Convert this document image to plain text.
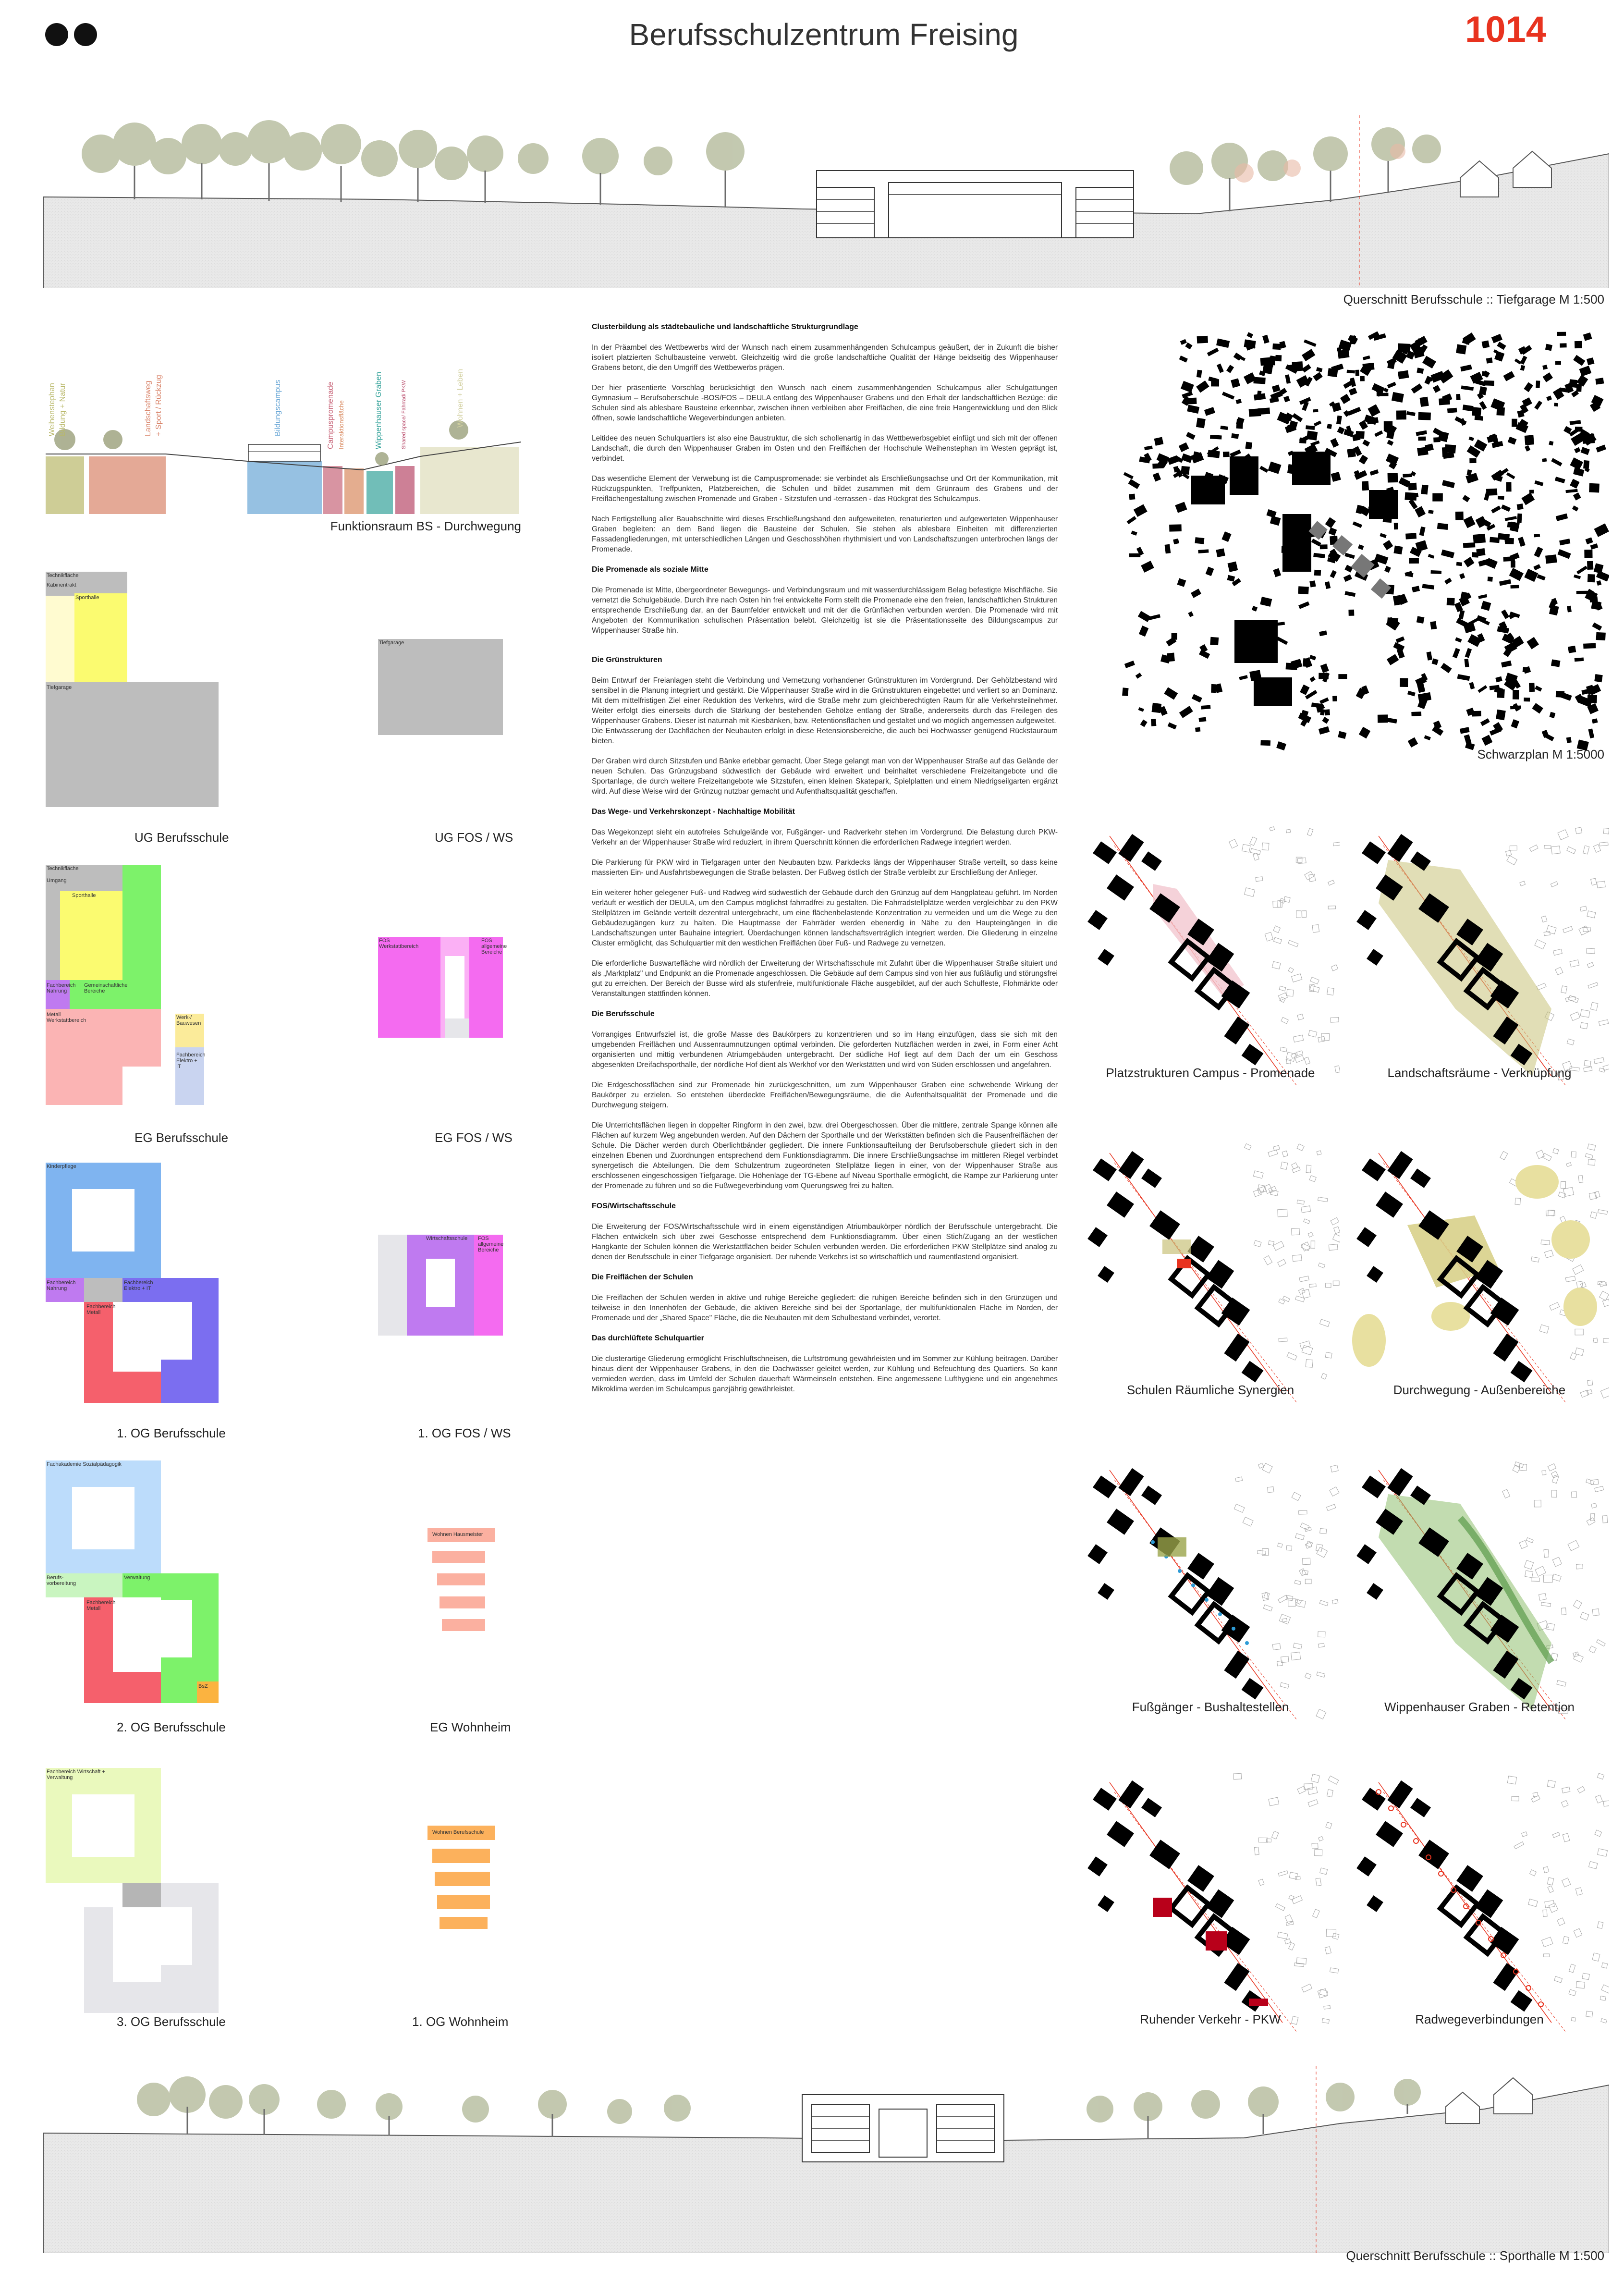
Berufsschulzentrum Freising	1014
Querschnitt Berufsschule :: Tiefgarage M 1:500
Weihenstephan Bildung + Natur	Landschaftsweg + Sport / Rückzug	Bildungscampus	Campuspromenade Interaktionsfläche	Wippenhauser Graben	Shared space/ Fahrrad/ PKW	Wohnen + Leben
Funktionsraum BS - Durchwegung
Technikfläche
Kabinentrakt
Sporthalle
Tiefgarage
UG Berufsschule
Technikfläche
Umgang
Sporthalle
Fachbereich Nahrung
Gemeinschaftliche Bereiche
Metall Werkstattbereich	Werk-/ Bauwesen
Fachbereich Elektro + IT
EG Berufsschule
Kinderpflege
Fachbereich Nahrung
Fachbereich Elektro + IT
Fachbereich Metall
1. OG Berufsschule
Fachakademie Sozialpädagogik
Berufs-vorbereitung
Verwaltung
Fachbereich Metall
BsZ
2. OG Berufsschule
Fachbereich Wirtschaft + Verwaltung
3. OG Berufsschule
Tiefgarage
UG FOS / WS
FOS Werkstattbereich
FOS allgemeine Bereiche
EG FOS / WS
Wirtschaftsschule FOS allgemeine Bereiche
1. OG FOS / WS
Wohnen Hausmeister
EG Wohnheim
Wohnen Berufsschule
1. OG Wohnheim
Clusterbildung als städtebauliche und landschaftliche Strukturgrundlage

In der Präambel des Wettbewerbs wird der Wunsch nach einem zusammenhängenden Schulcampus geäußert, der in Zukunft die bisher isoliert platzierten Schulbausteine verwebt. Gleichzeitig wird die große landschaftliche Qualität der Hänge beidseitig des Wippenhauser Grabens betont, die den Umgriff des Wettbewerbs prägen.

Der hier präsentierte Vorschlag berücksichtigt den Wunsch nach einem zusammenhängenden Schulcampus aller Schulgattungen Gymnasium – Berufsoberschule -BOS/FOS – DEULA entlang des Wippenhauser Grabens und den Erhalt der landschaftlichen Bezüge: die Schulen sind als ablesbare Bausteine erkennbar, zwischen ihnen verbleiben aber Freiflächen, die eine freie Hangentwicklung und den Blick öffnen, sowie landschaftliche Wegeverbindungen anbieten.

Leitidee des neuen Schulquartiers ist also eine Baustruktur, die sich schollenartig in das Wettbewerbsgebiet einfügt und sich mit der offenen Landschaft, die durch den Wippenhauser Graben im Osten und den Freiflächen der Hochschule Weihenstephan im Westen geprägt ist, verbindet.

Das wesentliche Element der Verwebung ist die Campuspromenade: sie verbindet als Erschließungsachse und Ort der Kommunikation, mit Rückzugspunkten, Treffpunkten, Platzbereichen, die Schulen und bildet zusammen mit dem Grünraum des Grabens und der Freiflächengestaltung zwischen Promenade und Graben - Sitzstufen und -terrassen - das Rückgrat des Schulcampus.

Nach Fertigstellung aller Bauabschnitte wird dieses Erschließungsband den aufgeweiteten, renaturierten und aufgewerteten Wippenhauser Graben begleiten: an dem Band liegen die Bausteine der Schulen. Sie stehen als ablesbare Einheiten mit differenzierten Fassadengliederungen, mit unterschiedlichen Längen und Geschosshöhen rhythmisiert und von Landschaftszungen unterbrochen längs der Promenade.

Die Promenade als soziale Mitte

Die Promenade ist Mitte, übergeordneter Bewegungs- und Verbindungsraum und mit wasserdurchlässigem Belag befestigte Mischfläche. Sie vernetzt die Schulgebäude. Durch ihre nach Osten hin frei entwickelte Form stellt die Promenade eine den freien, landschaftlichen Strukturen entsprechende Erschließung dar, an der Baumfelder entwickelt und mit der die Grünflächen verbunden werden. Die Promenade wird mit Angeboten der Kommunikation schulischen Präsentation belebt. Gleichzeitig ist sie die Präsentationsseite des Bildungscampus zur Wippenhauser Straße hin.

Die Grünstrukturen

Beim Entwurf der Freianlagen steht die Verbindung und Vernetzung vorhandener Grünstrukturen im Vordergrund. Der Gehölzbestand wird sensibel in die Planung integriert und gestärkt. Die Wippenhauser Straße wird in die Grünstrukturen eingebettet und verliert so an Dominanz. Mit dem mittelfristigen Ziel einer Reduktion des Verkehrs, wird die Straße mehr zum gleichberechtigten Raum für alle Verkehrsteilnehmer. Weiter erfolgt dies einerseits durch die Stärkung der bestehenden Gehölze entlang der Straße, andererseits durch das Freilegen des Wippenhauser Grabens. Dieser ist naturnah mit Kiesbänken, bzw. Retentionsflächen und gestaltet und wo möglich angemessen aufgeweitet.
Die Entwässerung der Dachflächen der Neubauten erfolgt in diese Retensionsbereiche, die auch bei Hochwasser genügend Rückstauraum bieten.

Der Graben wird durch Sitzstufen und Bänke erlebbar gemacht. Über Stege gelangt man von der Wippenhauser Straße auf das Gelände der neuen Schulen. Das Grünzugsband südwestlich der Gebäude wird erweitert und beinhaltet verschiedene Freizeitangebote und die Sportanlage, die durch weitere Freizeitangebote wie Sitzstufen, einen kleinen Skatepark, Spielplatten und einem Niedrigseilgarten ergänzt wird. Auf diese Weise wird der Grünzug nutzbar gemacht und Aufenthaltsqualität geschaffen.

Das Wege- und Verkehrskonzept - Nachhaltige Mobilität

Das Wegekonzept sieht ein autofreies Schulgelände vor, Fußgänger- und Radverkehr stehen im Vordergrund. Die Belastung durch PKW-Verkehr an der Wippenhauser Straße wird reduziert, in ihrem Querschnitt können die erforderlichen Radwege integriert werden.

Die Parkierung für PKW wird in Tiefgaragen unter den Neubauten bzw. Parkdecks längs der Wippenhauser Straße verteilt, so dass keine massierten Ein- und Ausfahrtsbewegungen die Straße belasten. Der Fußweg östlich der Straße verbleibt zur Erschließung der Anlieger.

Ein weiterer höher gelegener Fuß- und Radweg wird südwestlich der Gebäude durch den Grünzug auf dem Hangplateau geführt. Im Norden verläuft er westlich der DEULA, um den Campus möglichst fahrradfrei zu gestalten. Die Fahrradstellplätze werden vergleichbar zu den PKW Stellplätzen im Gelände verteilt dezentral untergebracht, um eine flächenbelastende Konzentration zu vermeiden und um die Wege zu den Gebäudezugängen kurz zu halten. Die Hauptmasse der Fahrräder werden ebenerdig in Nähe zu den Haupteingängen in die Landschaftszungen unter Bauhaine integriert. Überdachungen können landschaftsverträglich integriert werden. Die Gliederung in einzelne Cluster ermöglicht, das Schulquartier mit den westlichen Freiflächen über Fuß- und Radwege zu vernetzen.

Die erforderliche Buswartefläche wird nördlich der Erweiterung der Wirtschaftsschule mit Zufahrt über die Wippenhauser Straße situiert und als „Marktplatz" und Endpunkt an die Promenade angeschlossen. Die Gebäude auf dem Campus sind von hier aus fußläufig und störungsfrei gut zu erreichen. Der Bereich der Busse wird als stufenfreie, multifunktionale Fläche ausgebildet, auf der auch Schulfeste, Flohmärkte oder Veranstaltungen stattfinden können.

Die Berufsschule

Vorrangiges Entwurfsziel ist, die große Masse des Baukörpers zu konzentrieren und so im Hang einzufügen, dass sie sich mit den umgebenden Freiflächen und Aussenraumnutzungen optimal verbinden. Die geforderten Nutzflächen werden in zwei, in Form einer Acht organisierten und mittig verbundenen Atriumgebäuden untergebracht. Der südliche Hof liegt auf dem Dach der um ein Geschoss abgesenkten Dreifachsporthalle, der nördliche Hof dient als Werkhof vor den Werkstätten und wird von Süden erschlossen und angefahren.

Die Erdgeschossflächen sind zur Promenade hin zurückgeschnitten, um zum Wippenhauser Graben eine schwebende Wirkung der Baukörper zu erzielen. So entstehen überdeckte Freiflächen/Bewegungsräume, die die Aufenthaltsqualität der Promenade und die Durchwegung steigern.

Die Unterrichtsflächen liegen in doppelter Ringform in den zwei, bzw. drei Obergeschossen. Über die mittlere, zentrale Spange können alle Flächen auf kurzem Weg angebunden werden. Auf den Dächern der Sporthalle und der Werkstätten befinden sich die Pausenfreiflächen der Schule. Die Dächer werden durch Oberlichtbänder gegliedert. Die innere Funktionsaufteilung der Berufsoberschule gliedert sich in den einzelnen Ebenen und Zuordnungen entsprechend dem Funktionsdiagramm. Die innere Erschließungsachse im mittleren Riegel verbindet synergetisch die Abteilungen. Die dem Schulzentrum zugeordneten Stellplätze liegen in einer, von der Wippenhauser Straße aus erschlossenen eingeschossigen Tiefgarage. Die Höhenlage der TG-Ebene auf Niveau Sporthalle ermöglicht, die Rampe zur Parkierung unter der Promenade zu führen und so die Fußwegeverbindung vom Querungsweg frei zu halten.

FOS/Wirtschaftsschule

Die Erweiterung der FOS/Wirtschaftsschule wird in einem eigenständigen Atriumbaukörper nördlich der Berufsschule untergebracht. Die Flächen entwickeln sich über zwei Geschosse entsprechend dem Funktionsdiagramm. Über einen Stich/Zugang an der westlichen Hangkante der Schulen können die Werkstattflächen beider Schulen verbunden werden. Die erforderlichen PKW Stellplätze sind analog zu denen der Berufsschule in einer Tiefgarage organisiert. Der ruhende Verkehrs ist so wirtschaftlich und raumentlastend organisiert.

Die Freiflächen der Schulen

Die Freiflächen der Schulen werden in aktive und ruhige Bereiche gegliedert: die ruhigen Bereiche befinden sich in den Grünzügen und teilweise in den Innenhöfen der Gebäude, die aktiven Bereiche sind bei der Sportanlage, der multifunktionalen Fläche im Norden, der Promenade und der „Shared Space" Fläche, die die Neubauten mit dem Schulbestand verbindet, verortet.

Das durchlüftete Schulquartier

Die clusterartige Gliederung ermöglicht Frischluftschneisen, die Luftströmung gewährleisten und im Sommer zur Kühlung beitragen. Darüber hinaus dient der Wippenhauser Grabens, in den die Dachwässer geleitet werden, zur Kühlung und Befeuchtung des Quartiers. So kann vermieden werden, dass im Umfeld der Schulen dauerhaft Wärmeinseln entstehen. Eine angemessene Lufthygiene und ein angenehmes Mikroklima werden im Schulcampus ganzjährig gewährleistet.

Schwarzplan M 1:5000
Platzstrukturen Campus - Promenade	Landschaftsräume - Verknüpfung
Schulen Räumliche Synergien	Durchwegung - Außenbereiche
Fußgänger - Bushaltestellen	Wippenhauser Graben - Retention
Ruhender Verkehr - PKW	Radwegeverbindungen
Querschnitt Berufsschule :: Sporthalle M 1:500
